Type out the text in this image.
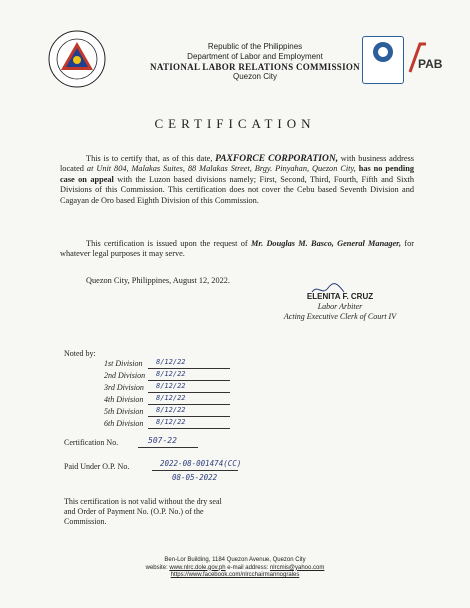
Republic of the Philippines
Department of Labor and Employment
NATIONAL LABOR RELATIONS COMMISSION
Quezon City
PAB
CERTIFICATION

This is to certify that, as of this date, PAXFORCE CORPORATION, with business address located at Unit 804, Malakas Suites, 88 Malakas Street, Brgy. Pinyahan, Quezon City, has no pending case on appeal with the Luzon based divisions namely; First, Second, Third, Fourth, Fifth and Sixth Divisions of this Commission. This certification does not cover the Cebu based Seventh Division and Cagayan de Oro based Eighth Division of this Commission.

This certification is issued upon the request of Mr. Douglas M. Basco, General Manager, for whatever legal purposes it may serve.

Quezon City, Philippines, August 12, 2022.

ELENITA F. CRUZ
Labor Arbiter
Acting Executive Clerk of Court IV
Noted by:
1st Division 8/12/22
2nd Division 8/12/22
3rd Division 8/12/22
4th Division 8/12/22
5th Division 8/12/22
6th Division 8/12/22
Certification No.	507-22
Paid Under O.P. No.	2022-08-001474(CC)
08-05-2022
This certification is not valid without the dry seal and Order of Payment No. (O.P. No.) of the Commission.
Ben-Lor Building, 1184 Quezon Avenue, Quezon City
website: www.nlrc.dole.gov.ph e-mail address: nlrcmis@yahoo.com
https://www.facebook.com/nlrcchairmannograles
